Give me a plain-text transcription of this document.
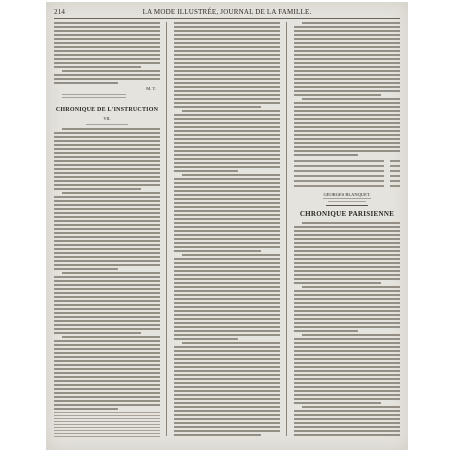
214	LA MODE ILLUSTRÉE, JOURNAL DE LA FAMILLE.
M. T.
CHRONIQUE DE L'INSTRUCTION
VII.
GEORGES BLANQUET.
CHRONIQUE PARISIENNE
